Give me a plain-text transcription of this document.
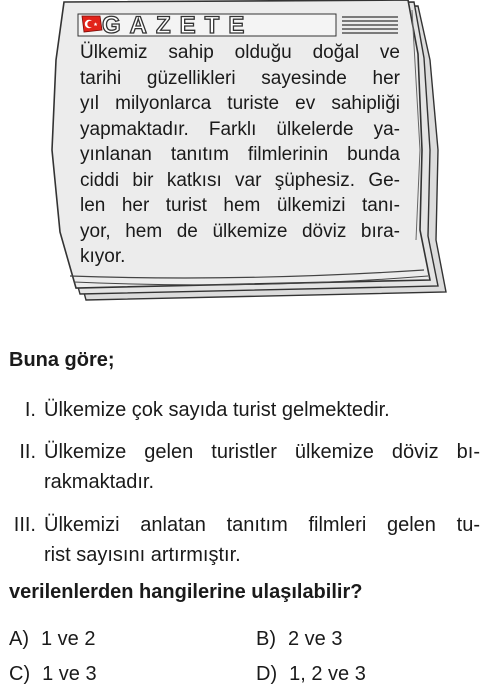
GAZETE
Ülkemiz sahip olduğu doğal ve
tarihi güzellikleri sayesinde her
yıl milyonlarca turiste ev sahipliği
yapmaktadır. Farklı ülkelerde ya-
yınlanan tanıtım filmlerinin bunda
ciddi bir katkısı var şüphesiz. Ge-
len her turist hem ülkemizi tanı-
yor, hem de ülkemize döviz bıra-
kıyor.
Buna göre;
I. Ülkemize çok sayıda turist gelmektedir.
II. Ülkemize gelen turistler ülkemize döviz bı-
rakmaktadır.
III. Ülkemizi anlatan tanıtım filmleri gelen tu-
rist sayısını artırmıştır.
verilenlerden hangilerine ulaşılabilir?
A) 1 ve 2	B) 2 ve 3
C) 1 ve 3	D) 1, 2 ve 3
